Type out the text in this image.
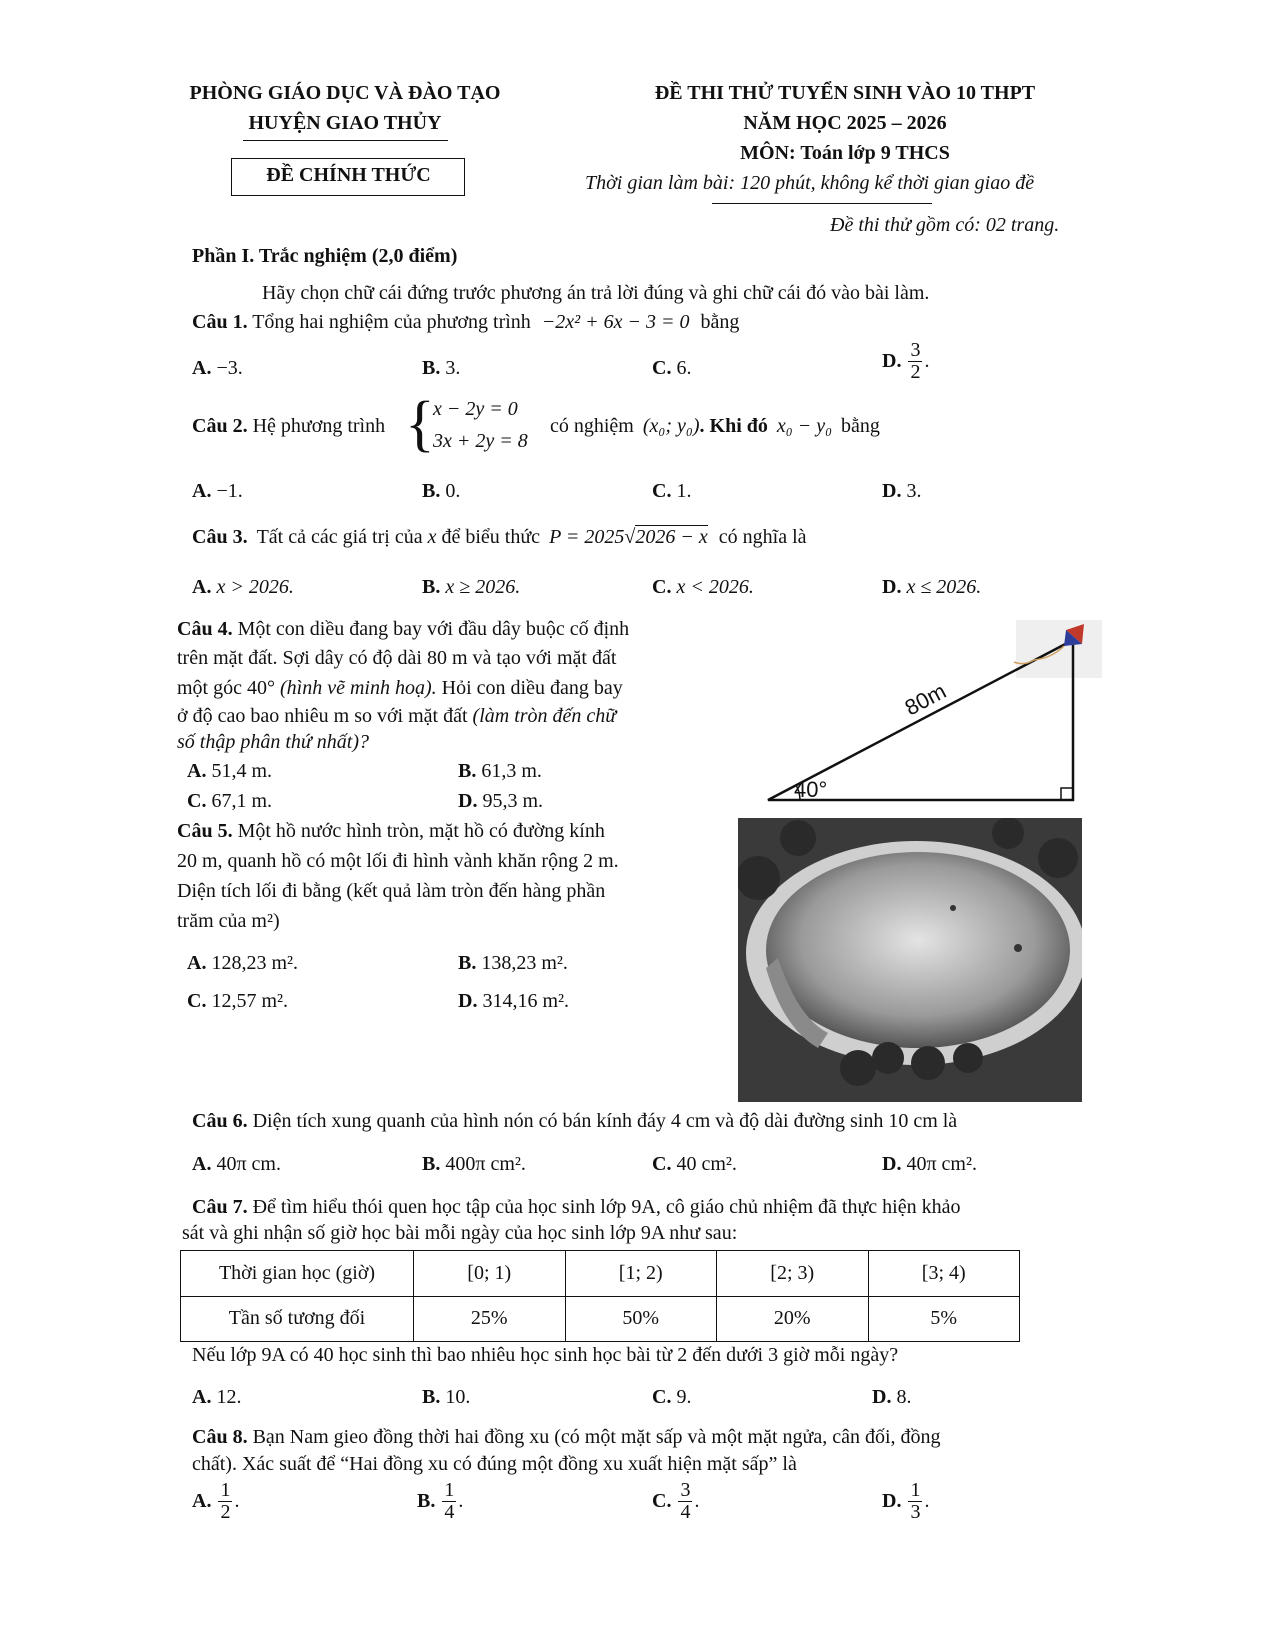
PHÒNG GIÁO DỤC VÀ ĐÀO TẠO
HUYỆN GIAO THỦY
ĐỀ CHÍNH THỨC
ĐỀ THI THỬ TUYỂN SINH VÀO 10 THPT
NĂM HỌC 2025 – 2026
MÔN: Toán lớp 9 THCS
Thời gian làm bài: 120 phút, không kể thời gian giao đề
Đề thi thử gồm có: 02 trang.
Phần I. Trắc nghiệm (2,0 điểm)
Hãy chọn chữ cái đứng trước phương án trả lời đúng và ghi chữ cái đó vào bài làm.
Câu 1. Tổng hai nghiệm của phương trình −2x² + 6x − 3 = 0 bằng
A. −3.	B. 3.	C. 6.	D. $\frac{3}{2}$ .
Câu 2. Hệ phương trình {
x − 2y = 0
3x + 2y = 8
có nghiệm (x₀; y₀). Khi đó x₀ − y₀ bằng
A. −1.	B. 0.	C. 1.	D. 3.
Câu 3. Tất cả các giá trị của x để biểu thức P = 2025√2026 − x có nghĩa là
A. x > 2026.	B. x ≥ 2026.	C. x < 2026.	D. x ≤ 2026.
Câu 4. Một con diều đang bay với đầu dây buộc cố định
trên mặt đất. Sợi dây có độ dài 80 m và tạo với mặt đất
một góc 40° (hình vẽ minh hoạ). Hỏi con diều đang bay
ở độ cao bao nhiêu m so với mặt đất (làm tròn đến chữ
số thập phân thứ nhất)?
A. 51,4 m.	B. 61,3 m.
C. 67,1 m.	D. 95,3 m.
80m
40°
Câu 5. Một hồ nước hình tròn, mặt hồ có đường kính
20 m, quanh hồ có một lối đi hình vành khăn rộng 2 m.
Diện tích lối đi bằng (kết quả làm tròn đến hàng phần
trăm của m²)
A. 128,23 m².	B. 138,23 m².
C. 12,57 m².	D. 314,16 m².
Câu 6. Diện tích xung quanh của hình nón có bán kính đáy 4 cm và độ dài đường sinh 10 cm là
A. 40π cm.	B. 400π cm².	C. 40 cm².	D. 40π cm².
Câu 7. Để tìm hiểu thói quen học tập của học sinh lớp 9A, cô giáo chủ nhiệm đã thực hiện khảo
sát và ghi nhận số giờ học bài mỗi ngày của học sinh lớp 9A như sau:
Thời gian học (giờ)	[0; 1)	[1; 2)	[2; 3)	[3; 4)
Tần số tương đối	25%	50%	20%	5%
Nếu lớp 9A có 40 học sinh thì bao nhiêu học sinh học bài từ 2 đến dưới 3 giờ mỗi ngày?
A. 12.	B. 10.	C. 9.	D. 8.
Câu 8. Bạn Nam gieo đồng thời hai đồng xu (có một mặt sấp và một mặt ngửa, cân đối, đồng
chất). Xác suất để “Hai đồng xu có đúng một đồng xu xuất hiện mặt sấp” là
A. $\frac{1}{2}$ .	B. $\frac{1}{4}$ .	C. $\frac{3}{4}$ .	D. $\frac{1}{3}$ .
